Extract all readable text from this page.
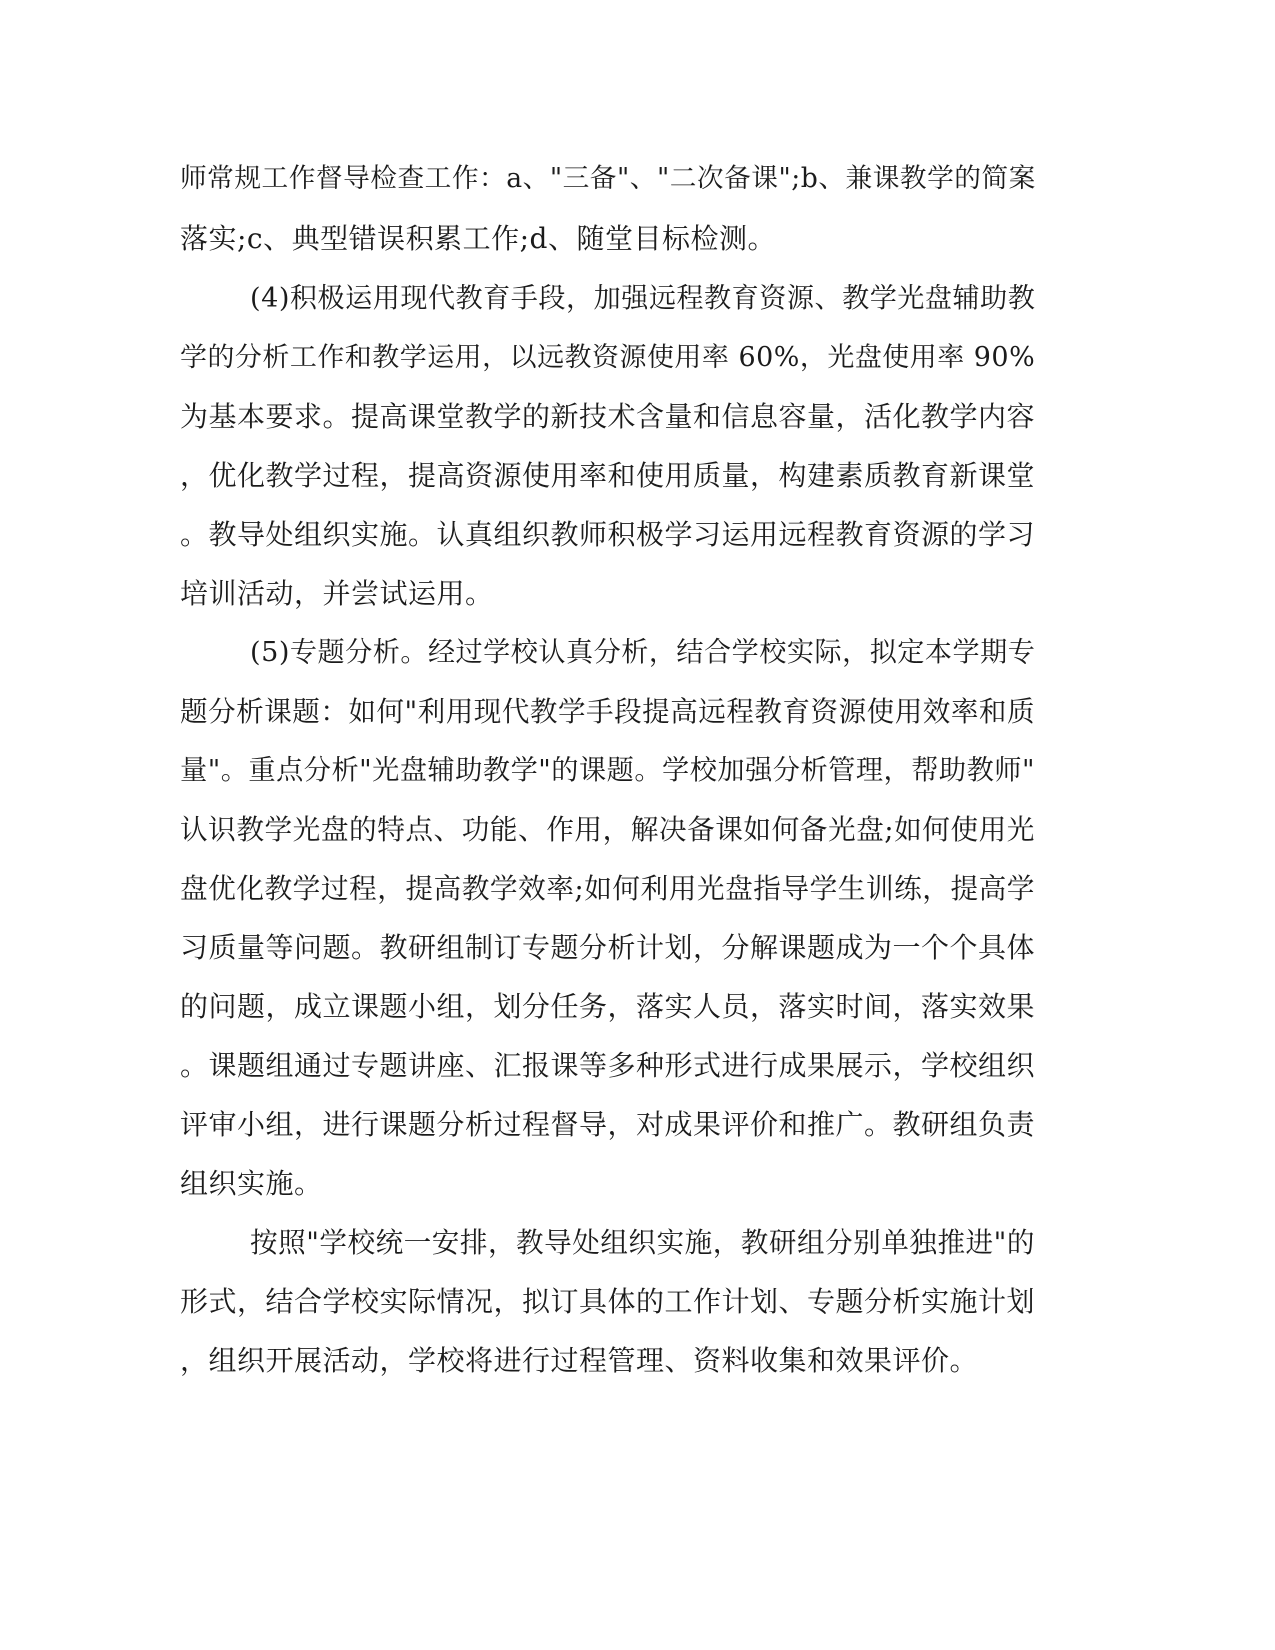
师常规工作督导检查工作：a、"三备"、"二次备课";b、兼课教学的简案

落实;c、典型错误积累工作;d、随堂目标检测。

(4)积极运用现代教育手段，加强远程教育资源、教学光盘辅助教

学的分析工作和教学运用，以远教资源使用率 60%，光盘使用率 90%

为基本要求。提高课堂教学的新技术含量和信息容量，活化教学内容

，优化教学过程，提高资源使用率和使用质量，构建素质教育新课堂

。教导处组织实施。认真组织教师积极学习运用远程教育资源的学习

培训活动，并尝试运用。

(5)专题分析。经过学校认真分析，结合学校实际，拟定本学期专

题分析课题：如何"利用现代教学手段提高远程教育资源使用效率和质

量"。重点分析"光盘辅助教学"的课题。学校加强分析管理，帮助教师"

认识教学光盘的特点、功能、作用，解决备课如何备光盘;如何使用光

盘优化教学过程，提高教学效率;如何利用光盘指导学生训练，提高学

习质量等问题。教研组制订专题分析计划，分解课题成为一个个具体

的问题，成立课题小组，划分任务，落实人员，落实时间，落实效果

。课题组通过专题讲座、汇报课等多种形式进行成果展示，学校组织

评审小组，进行课题分析过程督导，对成果评价和推广。教研组负责

组织实施。

按照"学校统一安排，教导处组织实施，教研组分别单独推进"的

形式，结合学校实际情况，拟订具体的工作计划、专题分析实施计划

，组织开展活动，学校将进行过程管理、资料收集和效果评价。
